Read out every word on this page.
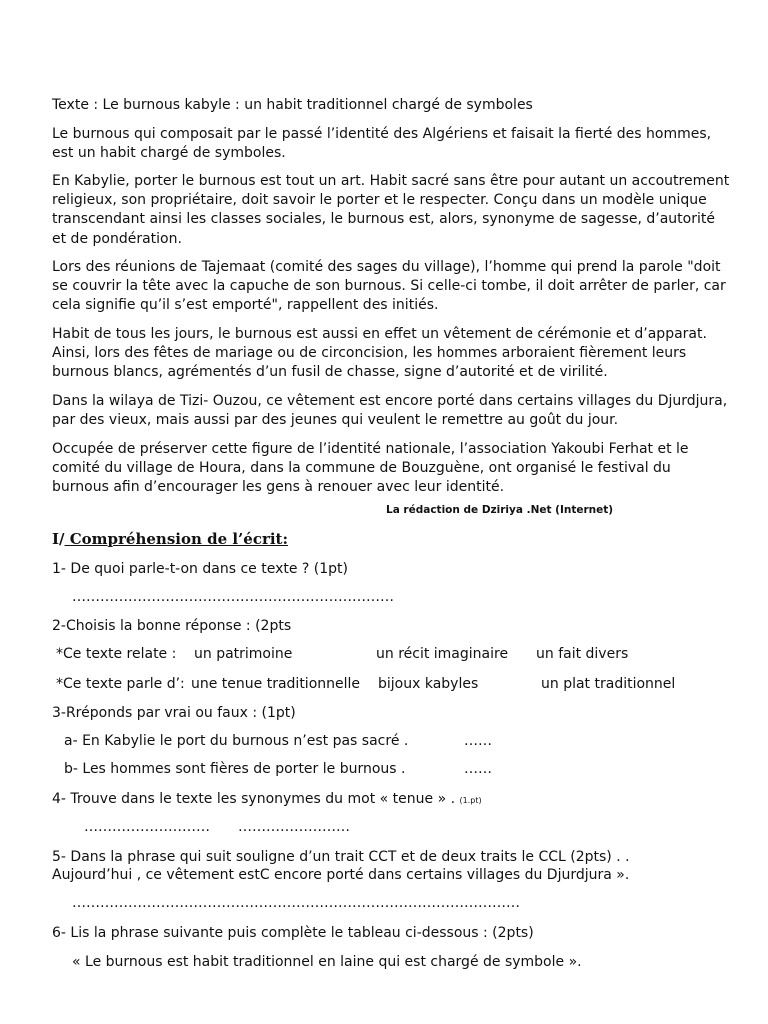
Texte : Le burnous kabyle : un habit traditionnel chargé de symboles
Le burnous qui composait par le passé l’identité des Algériens et faisait la fierté des hommes, est un habit chargé de symboles.
En Kabylie, porter le burnous est tout un art. Habit sacré sans être pour autant un accoutrement religieux, son propriétaire, doit savoir le porter et le respecter. Conçu dans un modèle unique transcendant ainsi les classes sociales, le burnous est, alors, synonyme de sagesse, d’autorité et de pondération.
Lors des réunions de Tajemaat (comité des sages du village), l’homme qui prend la parole "doit se couvrir la tête avec la capuche de son burnous. Si celle-ci tombe, il doit arrêter de parler, car cela signifie qu’il s’est emporté", rappellent des initiés.
Habit de tous les jours, le burnous est aussi en effet un vêtement de cérémonie et d’apparat. Ainsi, lors des fêtes de mariage ou de circoncision, les hommes arboraient fièrement leurs burnous blancs, agrémentés d’un fusil de chasse, signe d’autorité et de virilité.
Dans la wilaya de Tizi- Ouzou, ce vêtement est encore porté dans certains villages du Djurdjura, par des vieux, mais aussi par des jeunes qui veulent le remettre au goût du jour.
Occupée de préserver cette figure de l’identité nationale, l’association Yakoubi Ferhat et le comité du village de Houra, dans la commune de Bouzguène, ont organisé le festival du burnous afin d’encourager les gens à renouer avec leur identité.
La rédaction de Dziriya .Net (Internet)
I/ Compréhension de l’écrit:
1- De quoi parle-t-on dans ce texte ? (1pt)
……………………………………………………………
2-Choisis la bonne réponse : (2pts
*Ce texte relate : un patrimoine	un récit imaginaire un fait divers
*Ce texte parle d’: une tenue traditionnelle bijoux kabyles	un plat traditionnel
3-Rréponds par vrai ou faux : (1pt)
a- En Kabylie le port du burnous n’est pas sacré .	……
b- Les hommes sont fières de porter le burnous .	……
4- Trouve dans le texte les synonymes du mot « tenue » . (1.pt)
……………………… ……………………
5- Dans la phrase qui suit souligne d’un trait CCT et de deux traits le CCL (2pts) . .
Aujourd’hui , ce vêtement estC encore porté dans certains villages du Djurdjura ».
……………………………………………………………………………………
6- Lis la phrase suivante puis complète le tableau ci-dessous : (2pts)
« Le burnous est habit traditionnel en laine qui est chargé de symbole ».
